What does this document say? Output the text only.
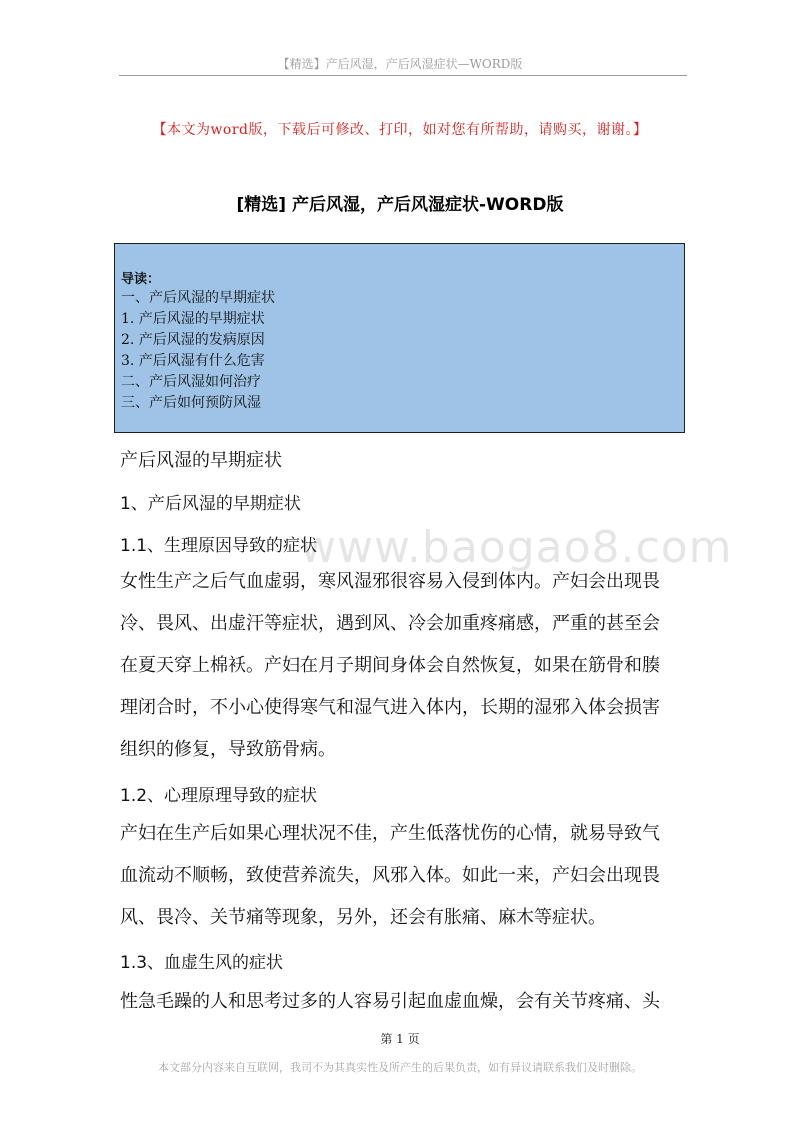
【精选】产后风湿，产后风湿症状—WORD版
【本文为word版，下载后可修改、打印，如对您有所帮助，请购买，谢谢。】
[精选] 产后风湿，产后风湿症状-WORD版
导读：
一、产后风湿的早期症状
1. 产后风湿的早期症状
2. 产后风湿的发病原因
3. 产后风湿有什么危害
二、产后风湿如何治疗
三、产后如何预防风湿
产后风湿的早期症状
1、产后风湿的早期症状
1.1、生理原因导致的症状
女性生产之后气血虚弱，寒风湿邪很容易入侵到体内。产妇会出现畏
冷、畏风、出虚汗等症状，遇到风、冷会加重疼痛感，严重的甚至会
在夏天穿上棉袄。产妇在月子期间身体会自然恢复，如果在筋骨和腠
理闭合时，不小心使得寒气和湿气进入体内，长期的湿邪入体会损害
组织的修复，导致筋骨病。
1.2、心理原理导致的症状
产妇在生产后如果心理状况不佳，产生低落忧伤的心情，就易导致气
血流动不顺畅，致使营养流失，风邪入体。如此一来，产妇会出现畏
风、畏冷、关节痛等现象，另外，还会有胀痛、麻木等症状。
1.3、血虚生风的症状
性急毛躁的人和思考过多的人容易引起血虚血燥，会有关节疼痛、头
www.baogao8.com
第 1 页
本文部分内容来自互联网，我司不为其真实性及所产生的后果负责，如有异议请联系我们及时删除。
